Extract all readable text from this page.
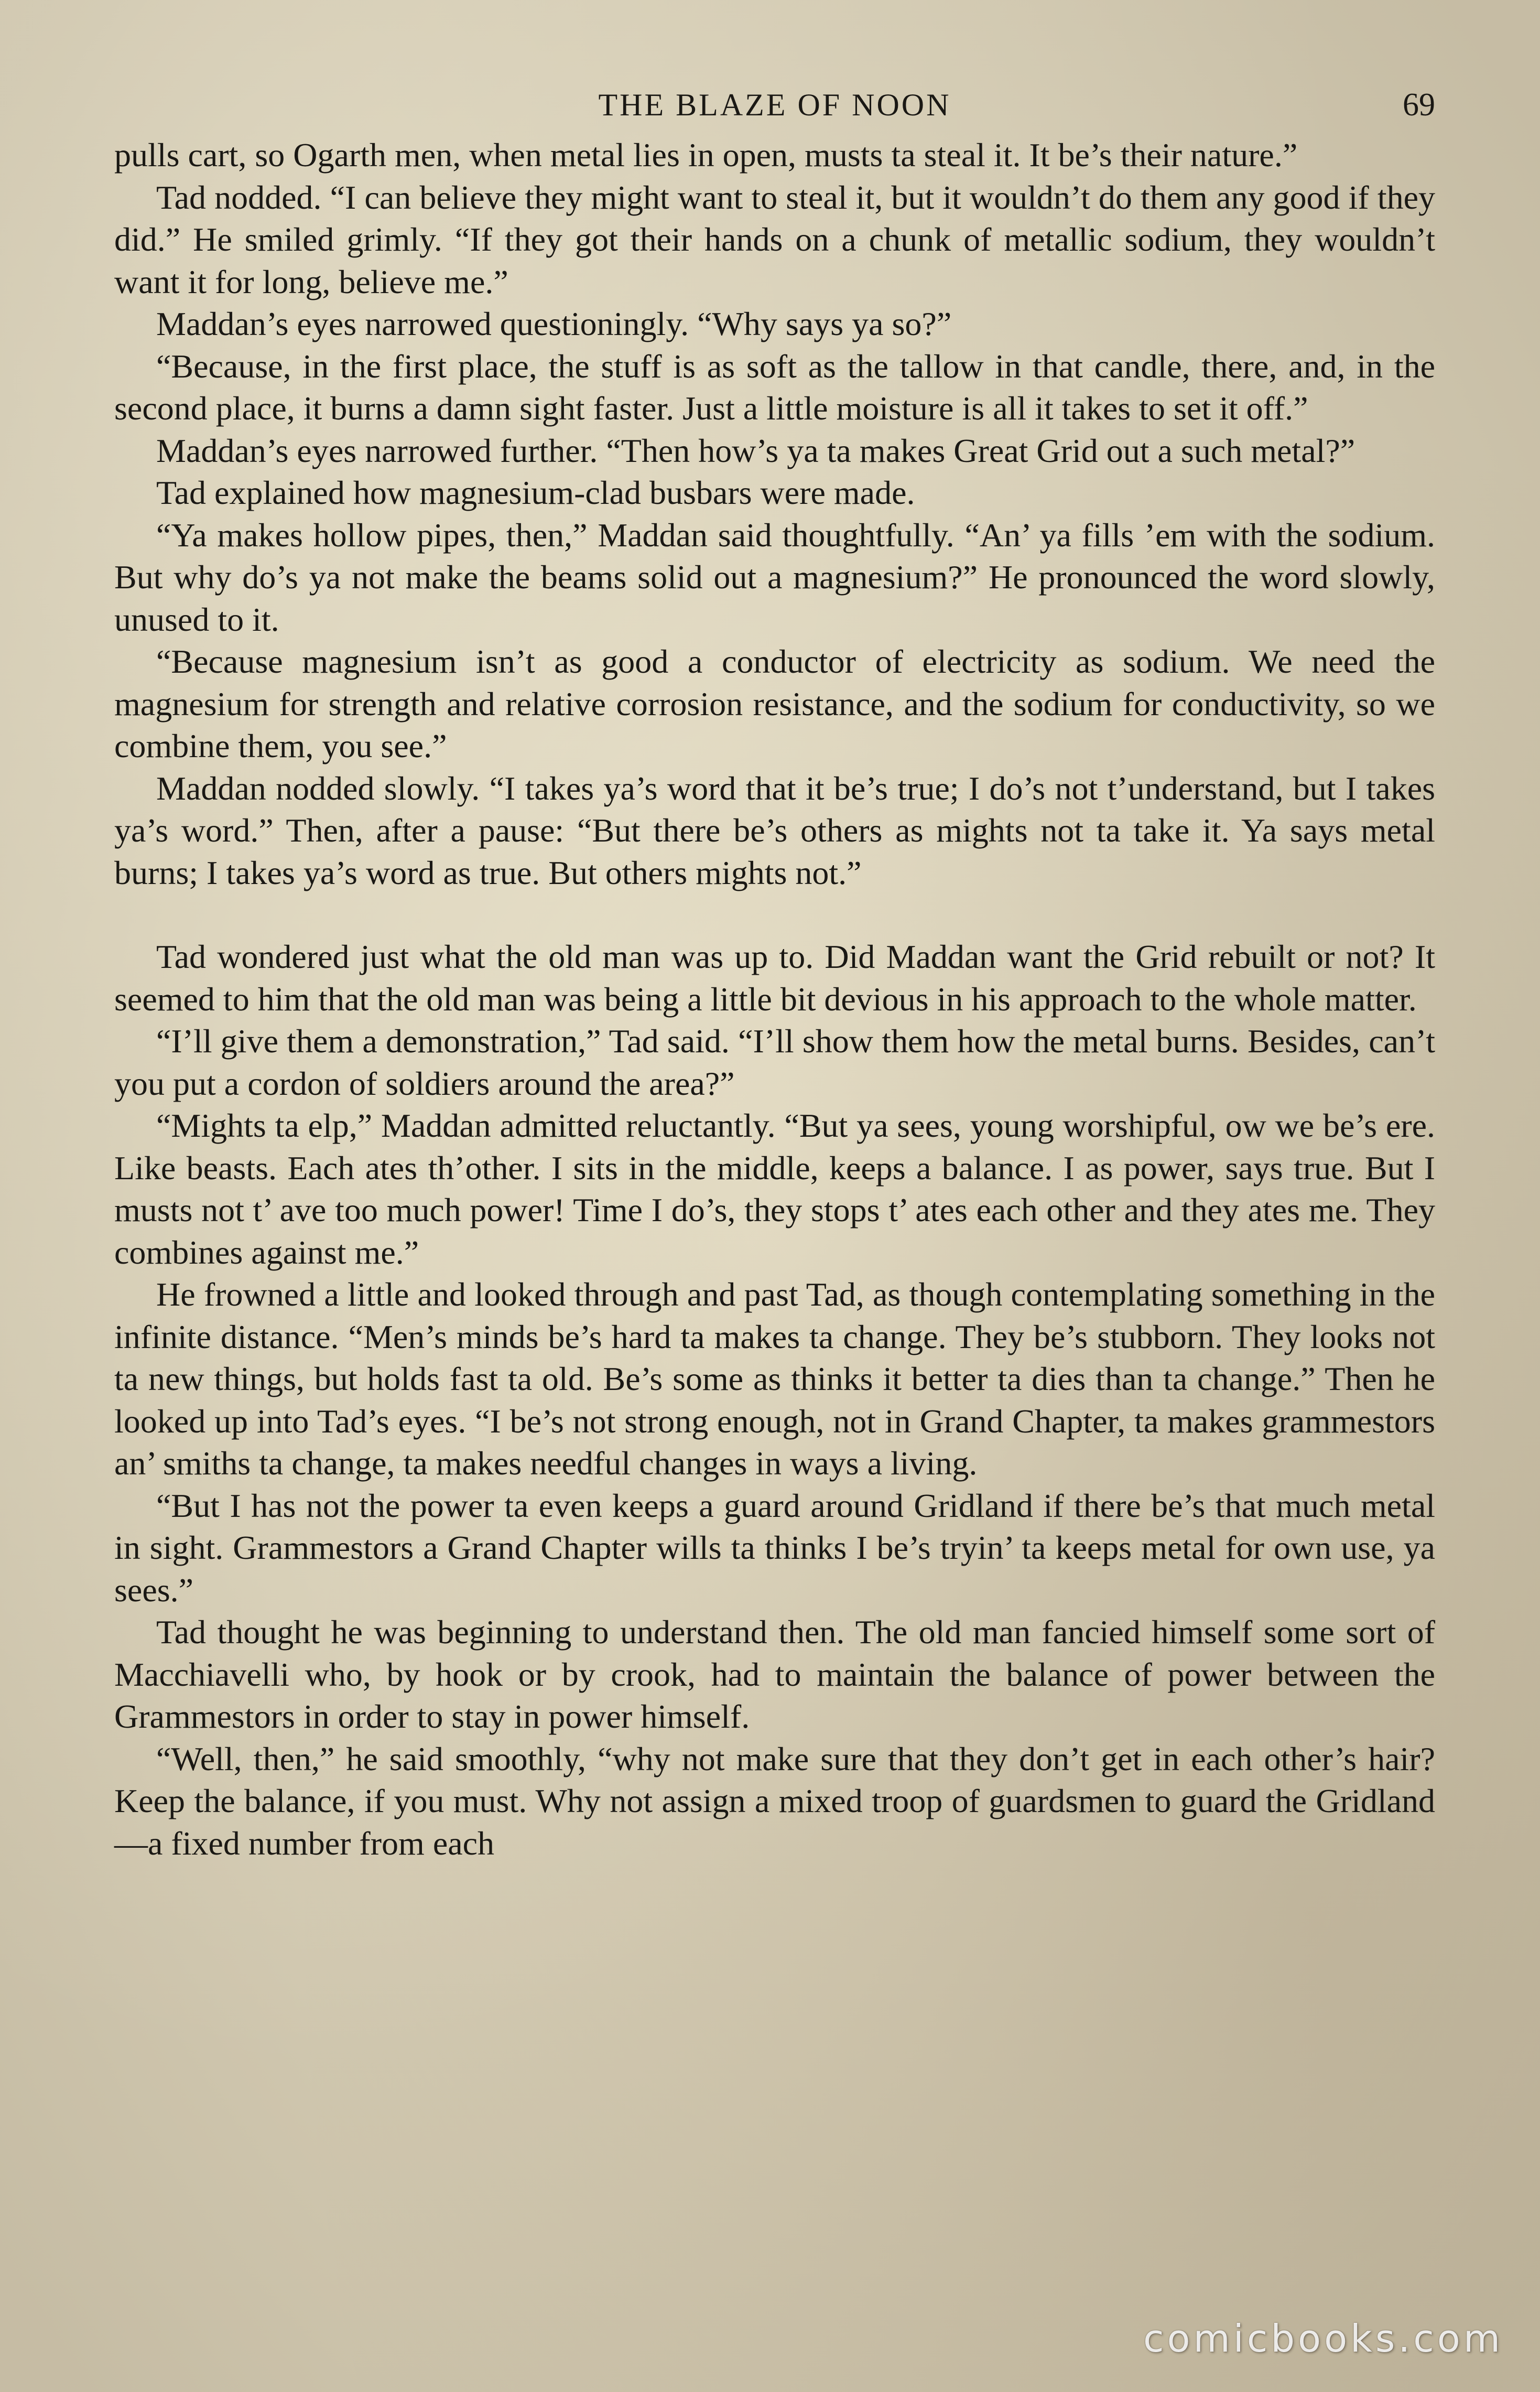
THE BLAZE OF NOON	69

pulls cart, so Ogarth men, when metal lies in open, musts ta steal it. It be’s their nature.”

Tad nodded. “I can believe they might want to steal it, but it wouldn’t do them any good if they did.” He smiled grimly. “If they got their hands on a chunk of metallic sodium, they wouldn’t want it for long, believe me.”

Maddan’s eyes narrowed questioningly. “Why says ya so?”

“Because, in the first place, the stuff is as soft as the tallow in that candle, there, and, in the second place, it burns a damn sight faster. Just a little moisture is all it takes to set it off.”

Maddan’s eyes narrowed further. “Then how’s ya ta makes Great Grid out a such metal?”

Tad explained how magnesium-clad busbars were made.

“Ya makes hollow pipes, then,” Maddan said thoughtfully. “An’ ya fills ’em with the sodium. But why do’s ya not make the beams solid out a magnesium?” He pronounced the word slowly, unused to it.

“Because magnesium isn’t as good a conductor of electricity as sodium. We need the magnesium for strength and relative corrosion resistance, and the sodium for conductivity, so we combine them, you see.”

Maddan nodded slowly. “I takes ya’s word that it be’s true; I do’s not t’understand, but I takes ya’s word.” Then, after a pause: “But there be’s others as mights not ta take it. Ya says metal burns; I takes ya’s word as true. But others mights not.”

Tad wondered just what the old man was up to. Did Maddan want the Grid rebuilt or not? It seemed to him that the old man was being a little bit devious in his approach to the whole matter.

“I’ll give them a demonstration,” Tad said. “I’ll show them how the metal burns. Besides, can’t you put a cordon of soldiers around the area?”

“Mights ta elp,” Maddan admitted reluctantly. “But ya sees, young worshipful, ow we be’s ere. Like beasts. Each ates th’other. I sits in the middle, keeps a balance. I as power, says true. But I musts not t’ ave too much power! Time I do’s, they stops t’ ates each other and they ates me. They combines against me.”

He frowned a little and looked through and past Tad, as though contemplating something in the infinite distance. “Men’s minds be’s hard ta makes ta change. They be’s stubborn. They looks not ta new things, but holds fast ta old. Be’s some as thinks it better ta dies than ta change.” Then he looked up into Tad’s eyes. “I be’s not strong enough, not in Grand Chapter, ta makes grammestors an’ smiths ta change, ta makes needful changes in ways a living.

“But I has not the power ta even keeps a guard around Gridland if there be’s that much metal in sight. Grammestors a Grand Chapter wills ta thinks I be’s tryin’ ta keeps metal for own use, ya sees.”

Tad thought he was beginning to understand then. The old man fancied himself some sort of Macchiavelli who, by hook or by crook, had to maintain the balance of power between the Grammestors in order to stay in power himself.

“Well, then,” he said smoothly, “why not make sure that they don’t get in each other’s hair? Keep the balance, if you must. Why not assign a mixed troop of guardsmen to guard the Gridland—a fixed number from each

comicbooks.com
